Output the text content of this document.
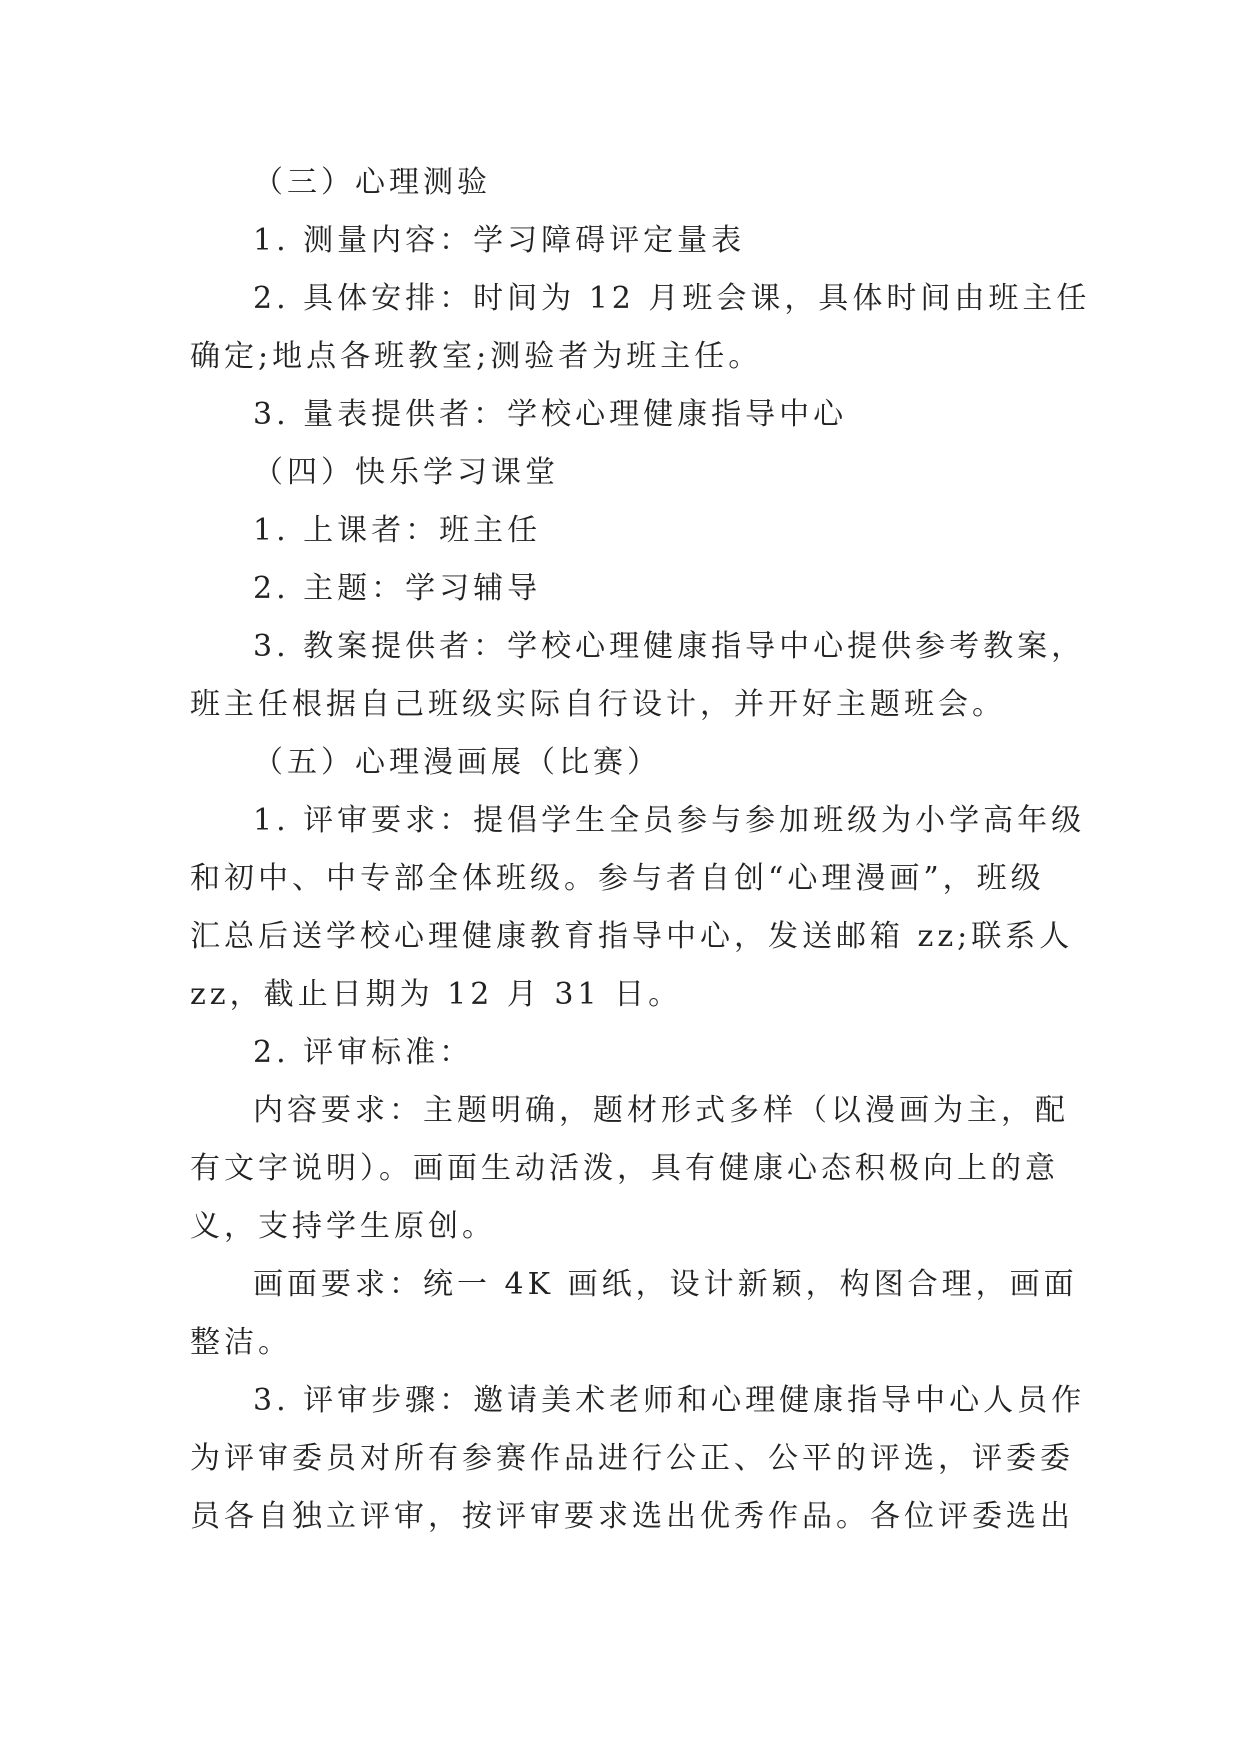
（三）心理测验
1. 测量内容：学习障碍评定量表
2. 具体安排：时间为 12 月班会课，具体时间由班主任
确定;地点各班教室;测验者为班主任。
3. 量表提供者：学校心理健康指导中心
（四）快乐学习课堂
1. 上课者：班主任
2. 主题：学习辅导
3. 教案提供者：学校心理健康指导中心提供参考教案，
班主任根据自己班级实际自行设计，并开好主题班会。
（五）心理漫画展（比赛）
1. 评审要求：提倡学生全员参与参加班级为小学高年级
和初中、中专部全体班级。参与者自创“心理漫画”，班级
汇总后送学校心理健康教育指导中心，发送邮箱 zz;联系人
zz，截止日期为 12 月 31 日。
2. 评审标准：
内容要求：主题明确，题材形式多样（以漫画为主，配
有文字说明）。画面生动活泼，具有健康心态积极向上的意
义，支持学生原创。
画面要求：统一 4K 画纸，设计新颖，构图合理，画面
整洁。
3. 评审步骤：邀请美术老师和心理健康指导中心人员作
为评审委员对所有参赛作品进行公正、公平的评选，评委委
员各自独立评审，按评审要求选出优秀作品。各位评委选出
